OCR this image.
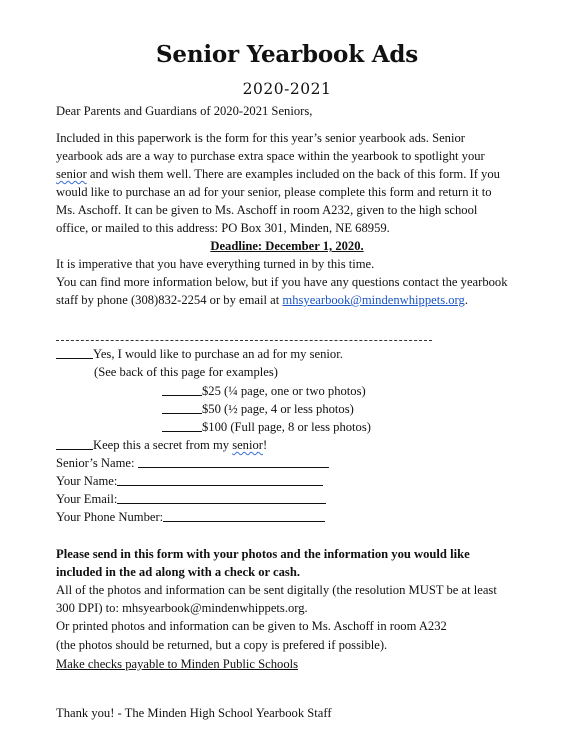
Senior Yearbook Ads
2020-2021
Dear Parents and Guardians of 2020-2021 Seniors,
Included in this paperwork is the form for this year’s senior yearbook ads. Senior
yearbook ads are a way to purchase extra space within the yearbook to spotlight your
senior and wish them well. There are examples included on the back of this form. If you
would like to purchase an ad for your senior, please complete this form and return it to
Ms. Aschoff. It can be given to Ms. Aschoff in room A232, given to the high school
office, or mailed to this address: PO Box 301, Minden, NE 68959.
Deadline: December 1, 2020.
It is imperative that you have everything turned in by this time.
You can find more information below, but if you have any questions contact the yearbook
staff by phone (308)832-2254 or by email at mhsyearbook@mindenwhippets.org.
Yes, I would like to purchase an ad for my senior.
(See back of this page for examples)
$25 (¼ page, one or two photos)
$50 (½ page, 4 or less photos)
$100 (Full page, 8 or less photos)
Keep this a secret from my senior!
Senior’s Name:
Your Name:
Your Email:
Your Phone Number:
Please send in this form with your photos and the information you would like
included in the ad along with a check or cash.
All of the photos and information can be sent digitally (the resolution MUST be at least
300 DPI) to: mhsyearbook@mindenwhippets.org.
Or printed photos and information can be given to Ms. Aschoff in room A232
(the photos should be returned, but a copy is prefered if possible).
Make checks payable to Minden Public Schools
Thank you! - The Minden High School Yearbook Staff
